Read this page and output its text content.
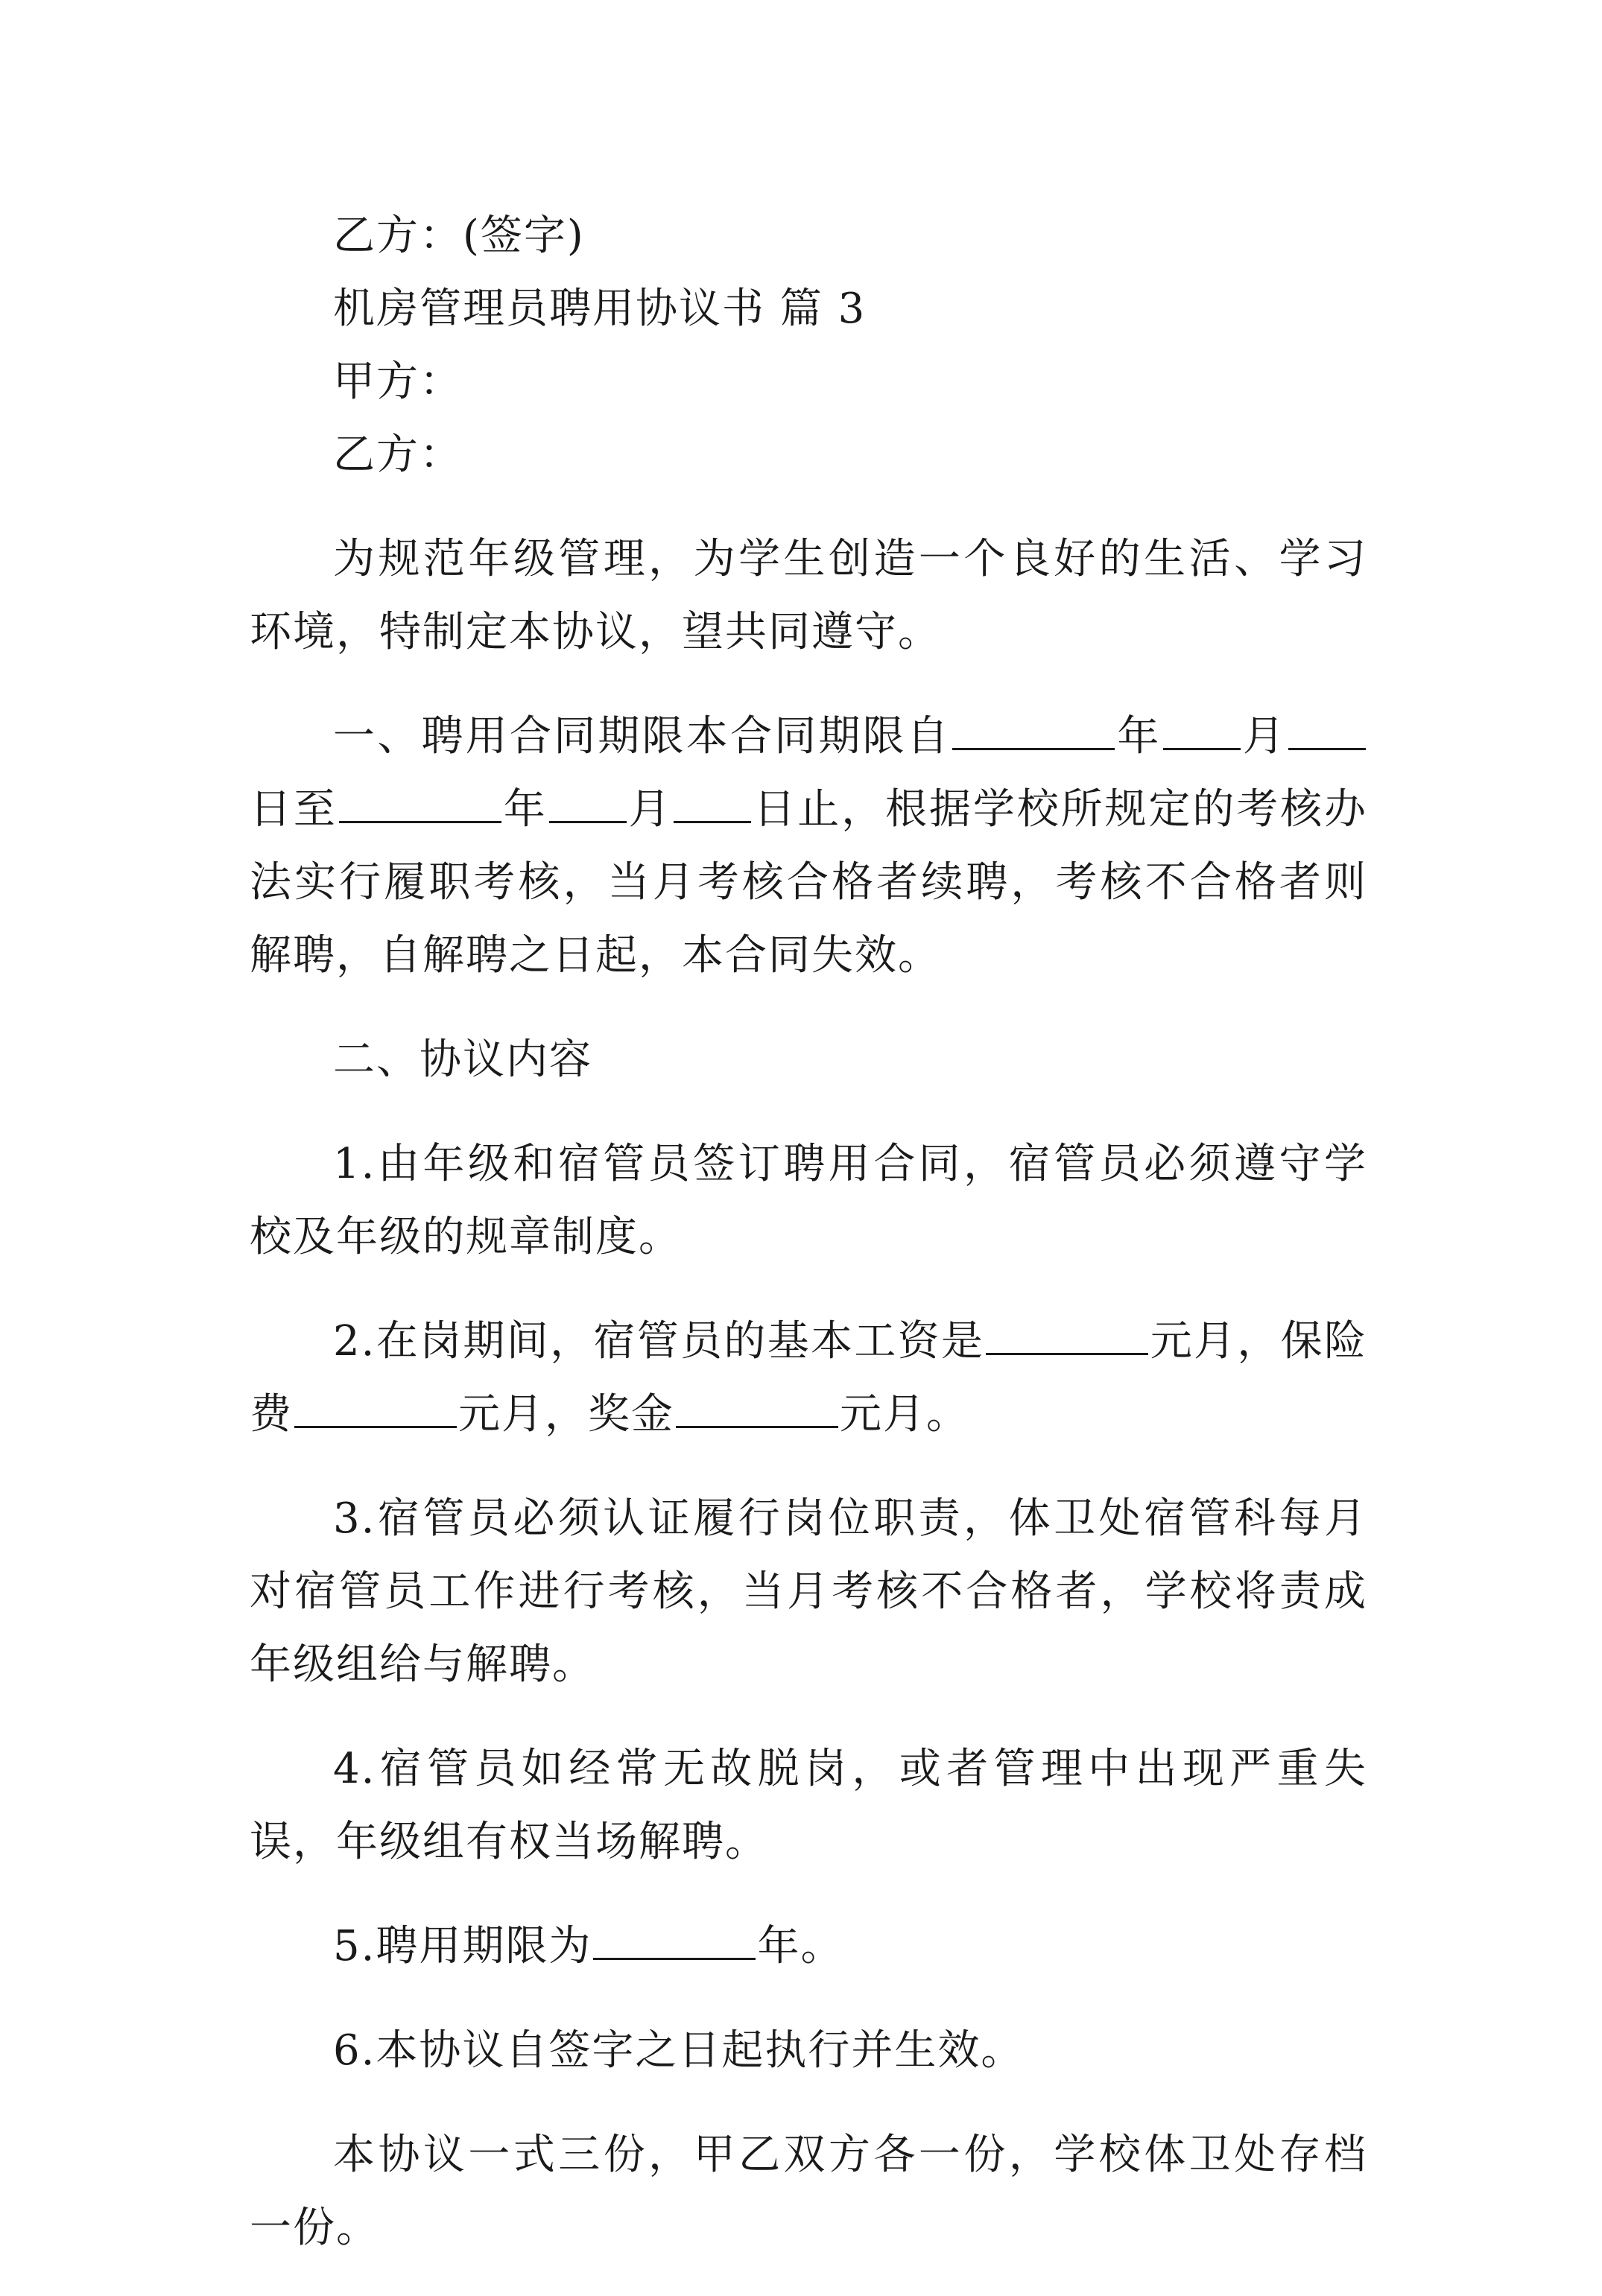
乙方：(签字)

机房管理员聘用协议书 篇 3

甲方：

乙方：

为规范年级管理，为学生创造一个良好的生活、学习环境，特制定本协议，望共同遵守。

一、聘用合同期限本合同期限自	年 月日至	年 月 日止，根据学校所规定的考核办法实行履职考核，当月考核合格者续聘，考核不合格者则解聘，自解聘之日起，本合同失效。

二、协议内容

1.由年级和宿管员签订聘用合同，宿管员必须遵守学校及年级的规章制度。

2.在岗期间，宿管员的基本工资是	元月，保险费	元月，奖金	元月。

3.宿管员必须认证履行岗位职责，体卫处宿管科每月对宿管员工作进行考核，当月考核不合格者，学校将责成年级组给与解聘。

4.宿管员如经常无故脱岗，或者管理中出现严重失误，年级组有权当场解聘。

5.聘用期限为	年。

6.本协议自签字之日起执行并生效。

本协议一式三份，甲乙双方各一份，学校体卫处存档一份。
